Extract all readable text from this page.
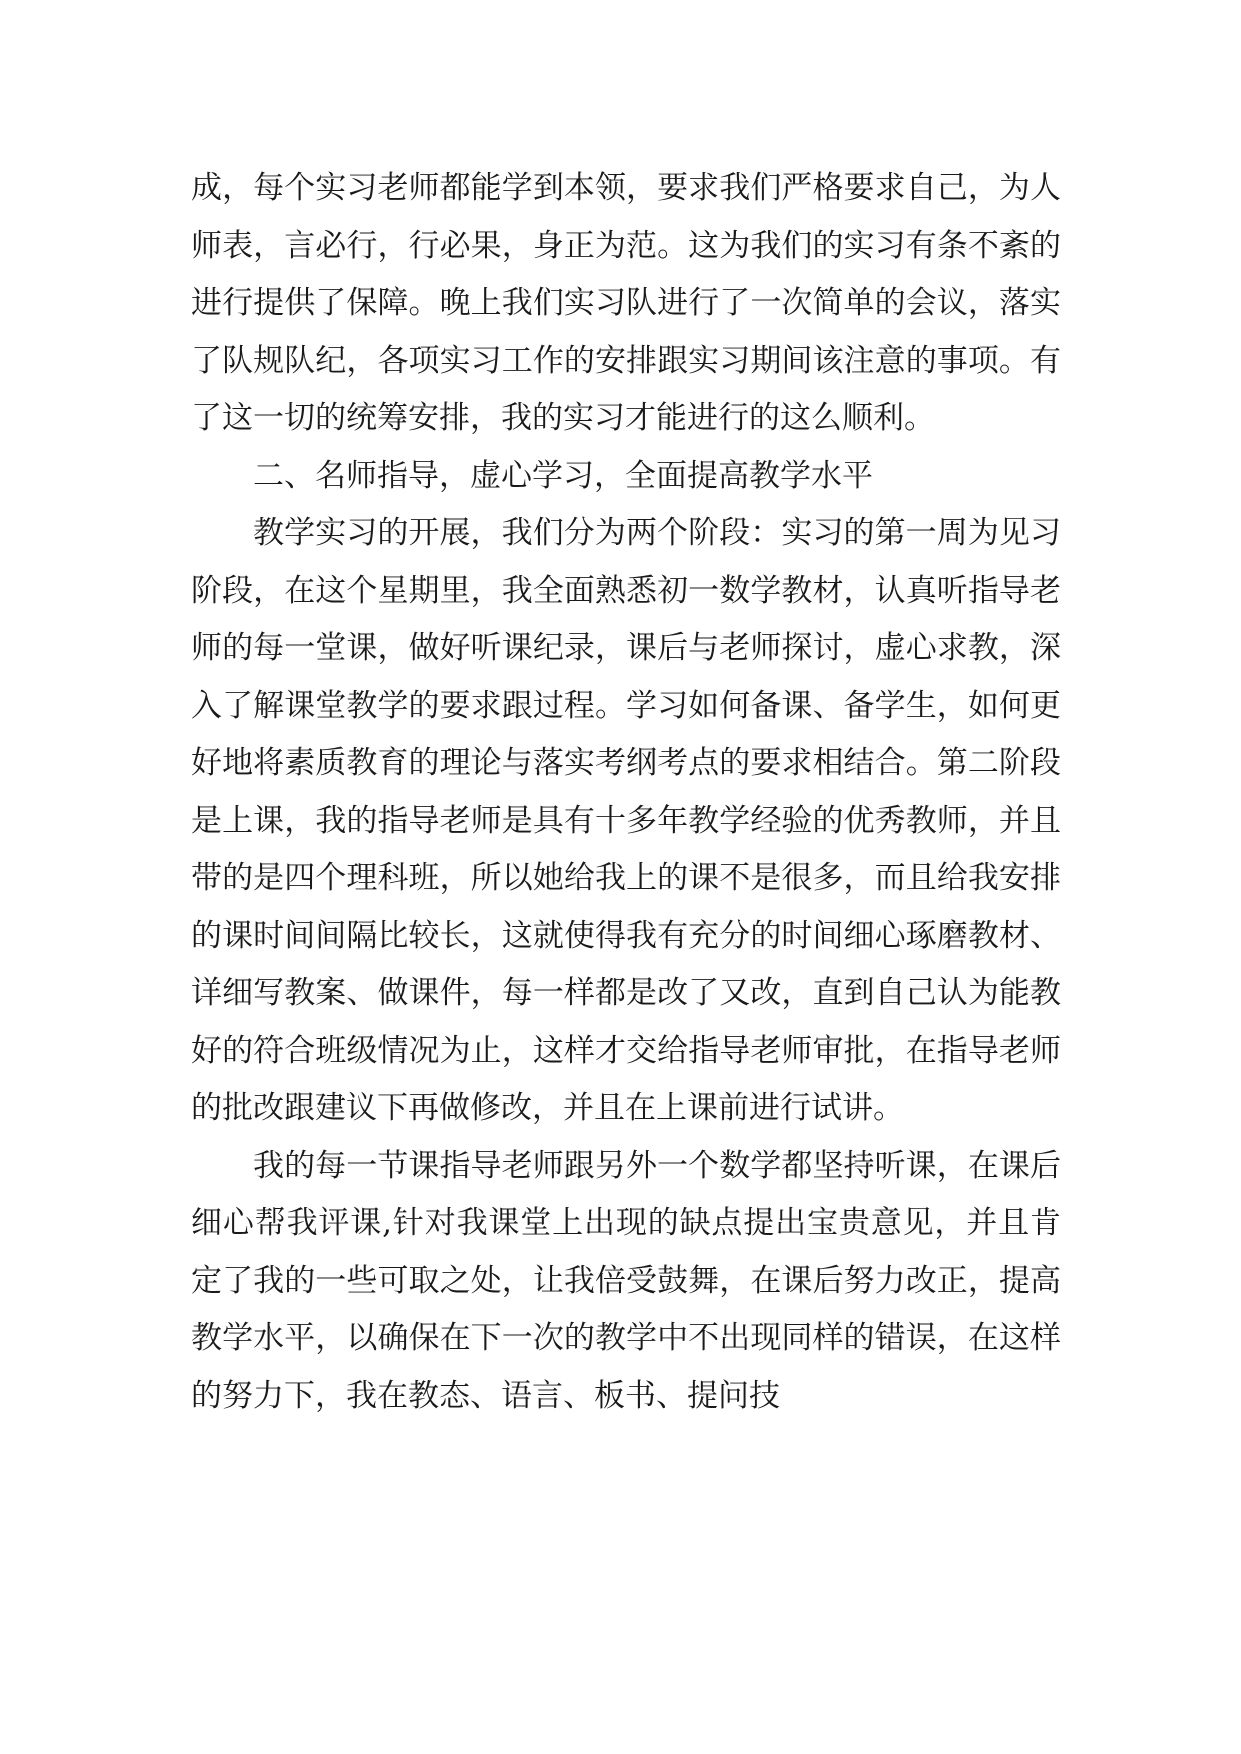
成，每个实习老师都能学到本领，要求我们严格要求自己，为人师表，言必行，行必果，身正为范。这为我们的实习有条不紊的进行提供了保障。晚上我们实习队进行了一次简单的会议，落实了队规队纪，各项实习工作的安排跟实习期间该注意的事项。有了这一切的统筹安排，我的实习才能进行的这么顺利。

二、名师指导，虚心学习，全面提高教学水平

教学实习的开展，我们分为两个阶段：实习的第一周为见习阶段，在这个星期里，我全面熟悉初一数学教材，认真听指导老师的每一堂课，做好听课纪录，课后与老师探讨，虚心求教，深入了解课堂教学的要求跟过程。学习如何备课、备学生，如何更好地将素质教育的理论与落实考纲考点的要求相结合。第二阶段是上课，我的指导老师是具有十多年教学经验的优秀教师，并且带的是四个理科班，所以她给我上的课不是很多，而且给我安排的课时间间隔比较长，这就使得我有充分的时间细心琢磨教材、详细写教案、做课件，每一样都是改了又改，直到自己认为能教好的符合班级情况为止，这样才交给指导老师审批，在指导老师的批改跟建议下再做修改，并且在上课前进行试讲。

我的每一节课指导老师跟另外一个数学都坚持听课，在课后细心帮我评课,针对我课堂上出现的缺点提出宝贵意见，并且肯定了我的一些可取之处，让我倍受鼓舞，在课后努力改正，提高教学水平，以确保在下一次的教学中不出现同样的错误，在这样的努力下，我在教态、语言、板书、提问技
